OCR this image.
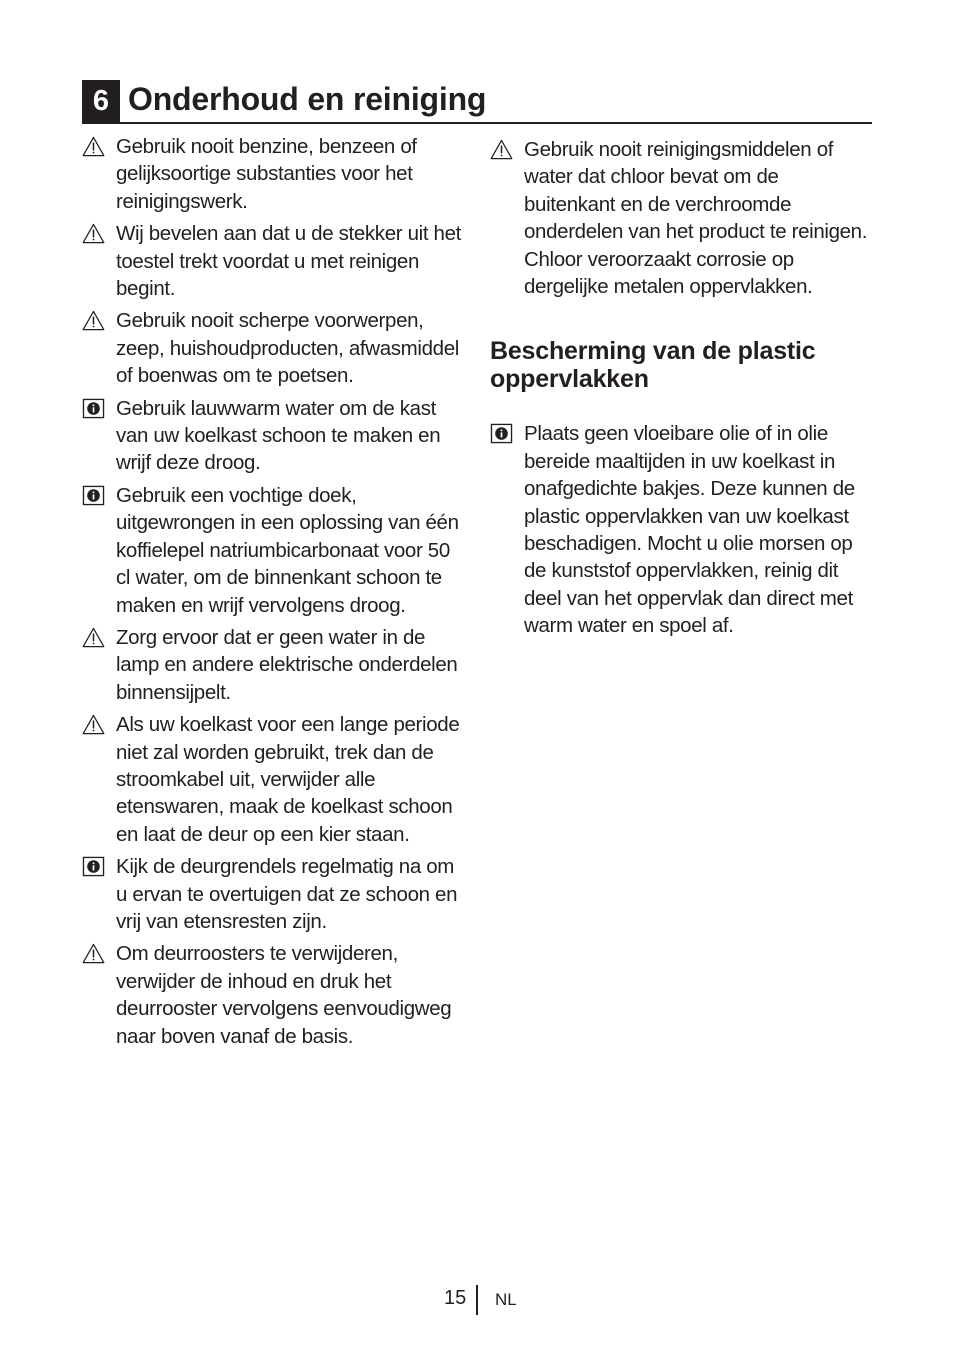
6 Onderhoud en reiniging
Gebruik nooit benzine, benzeen of gelijksoortige substanties voor het reinigingswerk.
Wij bevelen aan dat u de stekker uit het toestel trekt voordat u met reinigen begint.
Gebruik nooit scherpe voorwerpen, zeep, huishoudproducten, afwasmiddel of boenwas om te poetsen.
Gebruik lauwwarm water om de kast van uw koelkast schoon te maken en wrijf deze droog.
Gebruik een vochtige doek, uitgewrongen in een oplossing van één koffielepel natriumbicarbonaat voor 50 cl water, om de binnenkant schoon te maken en wrijf vervolgens droog.
Zorg ervoor dat er geen water in de lamp en andere elektrische onderdelen binnensijpelt.
Als uw koelkast voor een lange periode niet zal worden gebruikt, trek dan de stroomkabel uit, verwijder alle etenswaren, maak de koelkast schoon en laat de deur op een kier staan.
Kijk de deurgrendels regelmatig na om u ervan te overtuigen dat ze schoon en vrij van etensresten zijn.
Om deurroosters te verwijderen, verwijder de inhoud en druk het deurrooster vervolgens eenvoudigweg naar boven vanaf de basis.
Gebruik nooit reinigingsmiddelen of water dat chloor bevat om de buitenkant en de verchroomde onderdelen van het product te reinigen. Chloor veroorzaakt corrosie op dergelijke metalen oppervlakken.
Bescherming van de plastic oppervlakken
Plaats geen vloeibare olie of in olie bereide maaltijden in uw koelkast in onafgedichte bakjes. Deze kunnen de plastic oppervlakken van uw koelkast beschadigen. Mocht u olie morsen op de kunststof oppervlakken, reinig dit deel van het oppervlak dan direct met warm water en spoel af.
15 NL
